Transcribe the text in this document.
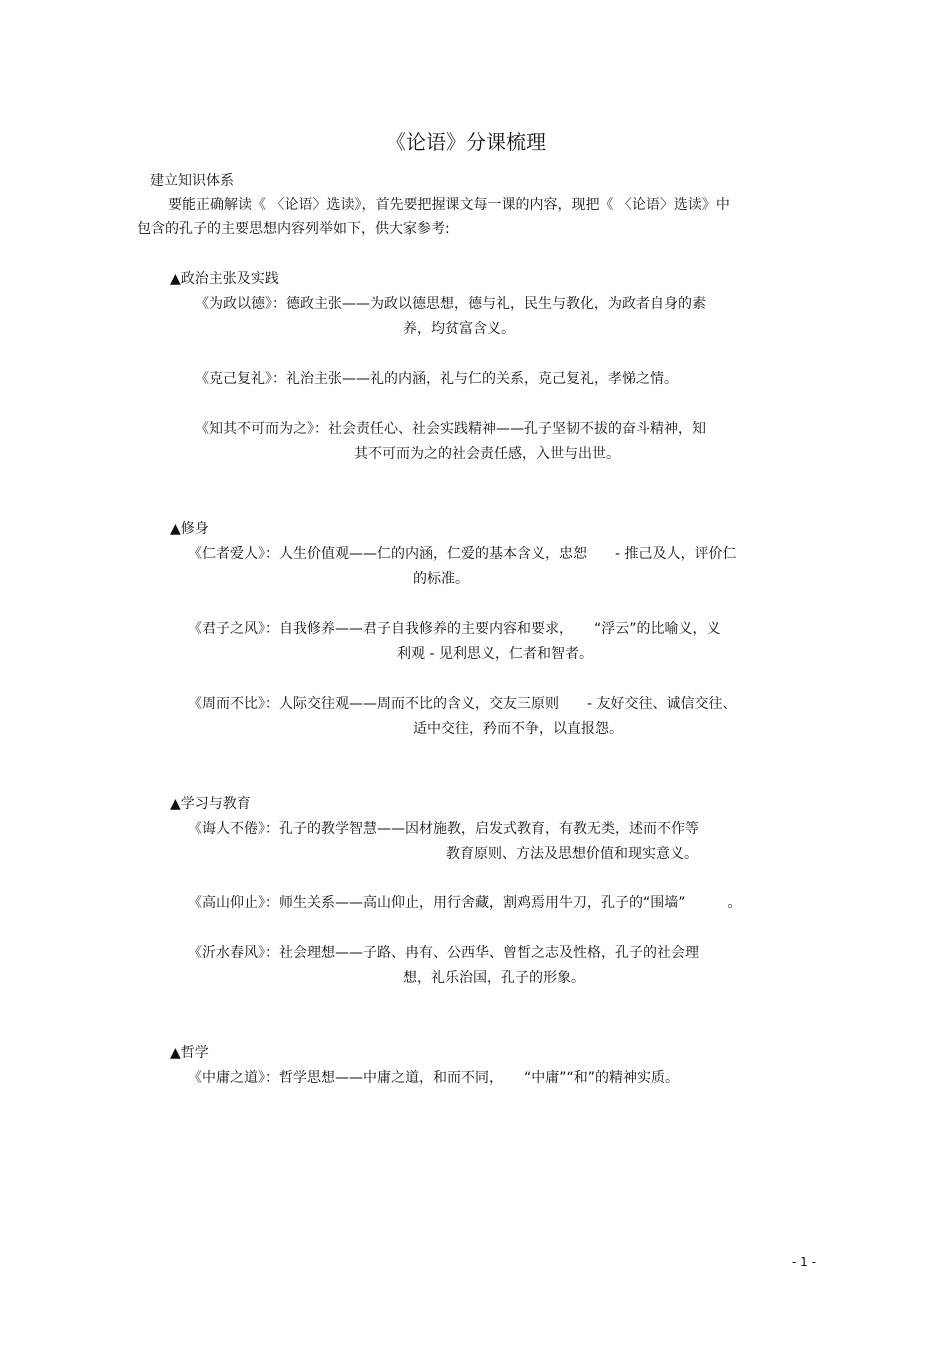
《论语》分课梳理
建立知识体系
要能正确解读《 〈论语〉选读》，首先要把握课文每一课的内容，现把《 〈论语〉选读》中
包含的孔子的主要思想内容列举如下，供大家参考:
▲政治主张及实践
《为政以德》：德政主张——为政以德思想，德与礼，民生与教化，为政者自身的素
养，均贫富含义。
《克己复礼》：礼治主张——礼的内涵，礼与仁的关系，克己复礼，孝悌之情。
《知其不可而为之》：社会责任心、社会实践精神——孔子坚韧不拔的奋斗精神，知
其不可而为之的社会责任感，入世与出世。
▲修身
《仁者爱人》：人生价值观——仁的内涵，仁爱的基本含义，忠恕　　- 推己及人，评价仁
的标准。
《君子之风》：自我修养——君子自我修养的主要内容和要求，　　“浮云”的比喻义，义
利观 - 见利思义，仁者和智者。
《周而不比》：人际交往观——周而不比的含义，交友三原则　　- 友好交往、诚信交往、
适中交往，矜而不争，以直报怨。
▲学习与教育
《诲人不倦》：孔子的教学智慧——因材施教，启发式教育，有教无类，述而不作等
教育原则、方法及思想价值和现实意义。
《高山仰止》：师生关系——高山仰止，用行舍藏，割鸡焉用牛刀，孔子的“围墙”　　　。
《沂水春风》：社会理想——子路、冉有、公西华、曾皙之志及性格，孔子的社会理
想，礼乐治国，孔子的形象。
▲哲学
《中庸之道》：哲学思想——中庸之道，和而不同，　　“中庸”“和”的精神实质。
- 1 -
